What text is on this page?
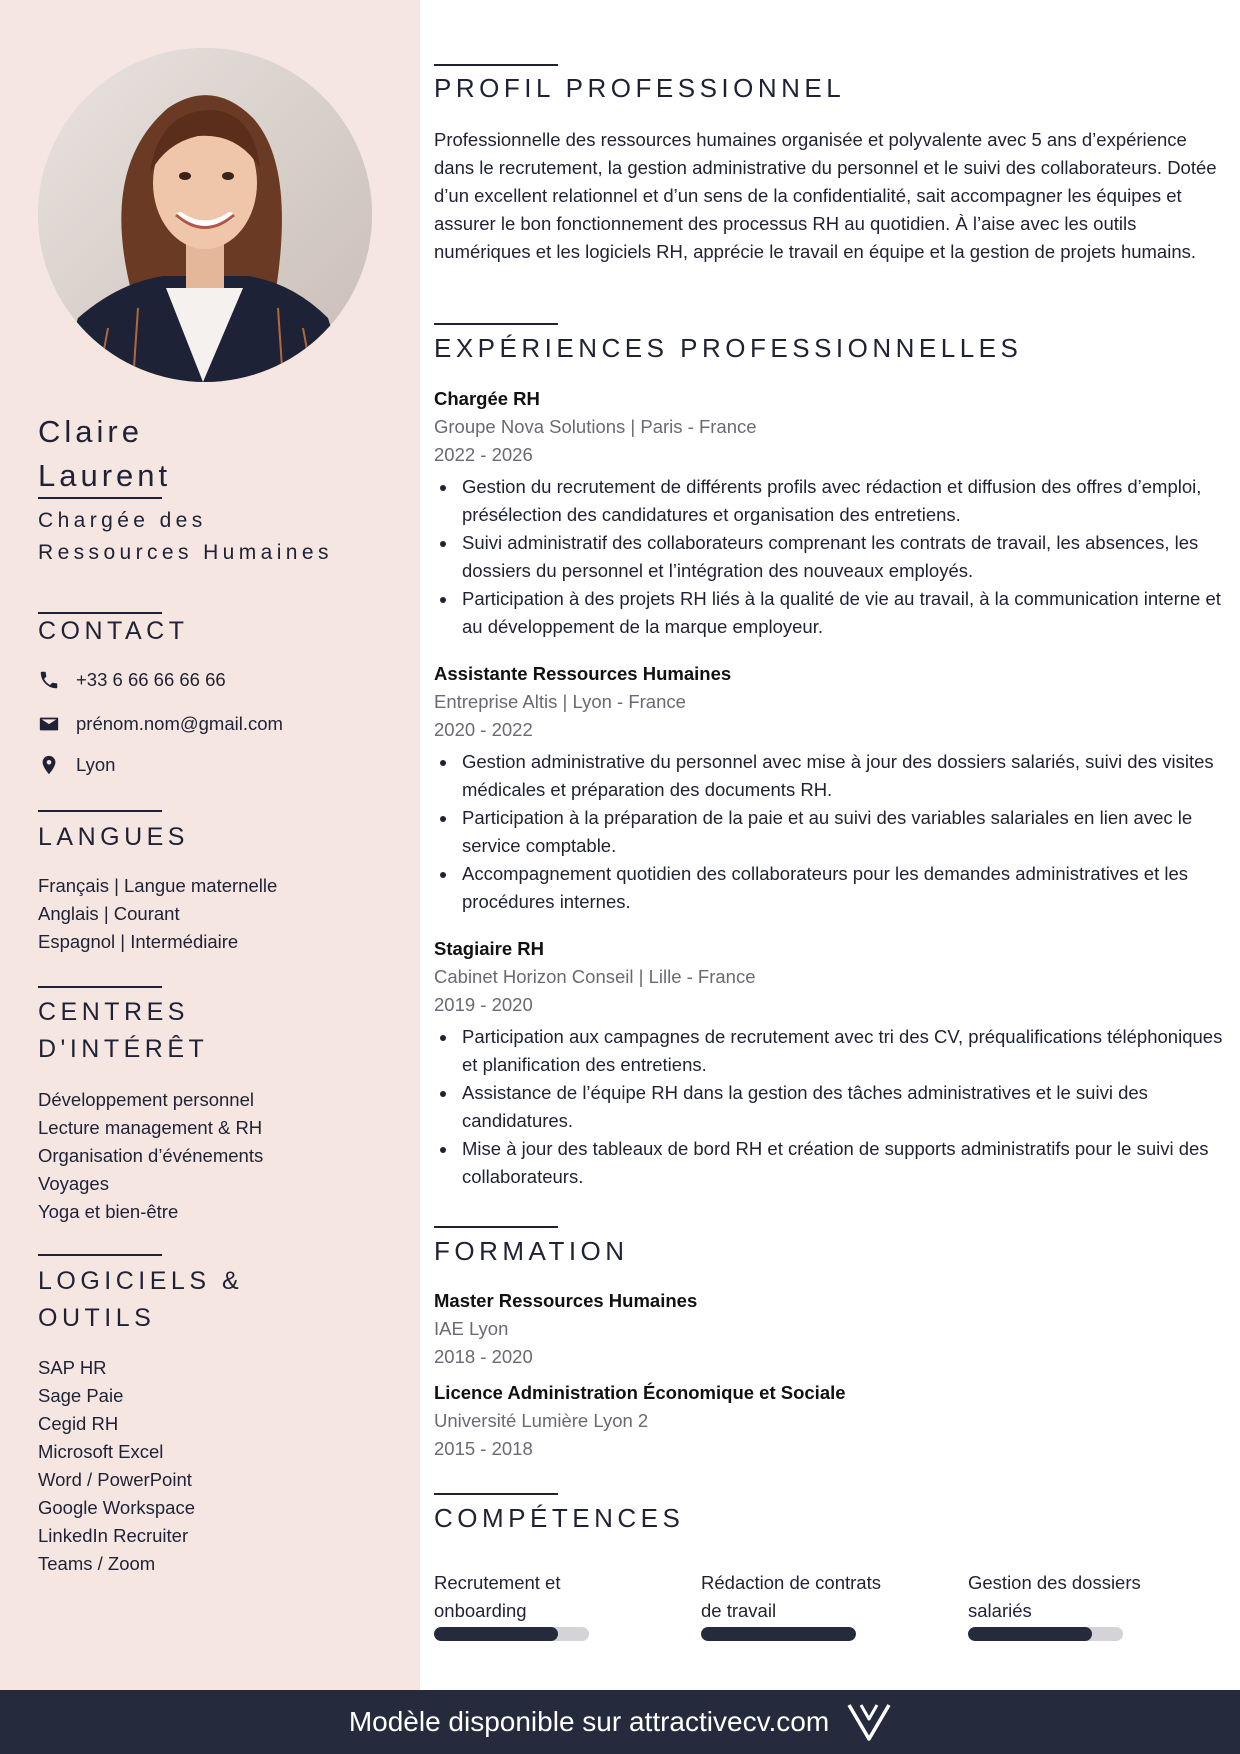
Claire
Laurent
Chargée des
Ressources Humaines
CONTACT
+33 6 66 66 66 66
prénom.nom@gmail.com
Lyon
LANGUES
Français | Langue maternelle
Anglais | Courant
Espagnol | Intermédiaire
CENTRES
D'INTÉRÊT
Développement personnel
Lecture management & RH
Organisation d’événements
Voyages
Yoga et bien-être
LOGICIELS &
OUTILS
SAP HR
Sage Paie
Cegid RH
Microsoft Excel
Word / PowerPoint
Google Workspace
LinkedIn Recruiter
Teams / Zoom
PROFIL PROFESSIONNEL

Professionnelle des ressources humaines organisée et polyvalente avec 5 ans d’expérience dans le recrutement, la gestion administrative du personnel et le suivi des collaborateurs. Dotée d’un excellent relationnel et d’un sens de la confidentialité, sait accompagner les équipes et assurer le bon fonctionnement des processus RH au quotidien. À l’aise avec les outils numériques et les logiciels RH, apprécie le travail en équipe et la gestion de projets humains.

EXPÉRIENCES PROFESSIONNELLES
Chargée RH
Groupe Nova Solutions | Paris - France
2022 - 2026
Gestion du recrutement de différents profils avec rédaction et diffusion des offres d’emploi, présélection des candidatures et organisation des entretiens.
Suivi administratif des collaborateurs comprenant les contrats de travail, les absences, les dossiers du personnel et l’intégration des nouveaux employés.
Participation à des projets RH liés à la qualité de vie au travail, à la communication interne et au développement de la marque employeur.
Assistante Ressources Humaines
Entreprise Altis | Lyon - France
2020 - 2022
Gestion administrative du personnel avec mise à jour des dossiers salariés, suivi des visites médicales et préparation des documents RH.
Participation à la préparation de la paie et au suivi des variables salariales en lien avec le service comptable.
Accompagnement quotidien des collaborateurs pour les demandes administratives et les procédures internes.
Stagiaire RH
Cabinet Horizon Conseil | Lille - France
2019 - 2020
Participation aux campagnes de recrutement avec tri des CV, préqualifications téléphoniques et planification des entretiens.
Assistance de l’équipe RH dans la gestion des tâches administratives et le suivi des candidatures.
Mise à jour des tableaux de bord RH et création de supports administratifs pour le suivi des collaborateurs.
FORMATION
Master Ressources Humaines
IAE Lyon
2018 - 2020
Licence Administration Économique et Sociale
Université Lumière Lyon 2
2015 - 2018
COMPÉTENCES
Recrutement et
onboarding
Rédaction de contrats
de travail
Gestion des dossiers
salariés
Modèle disponible sur attractivecv.com
